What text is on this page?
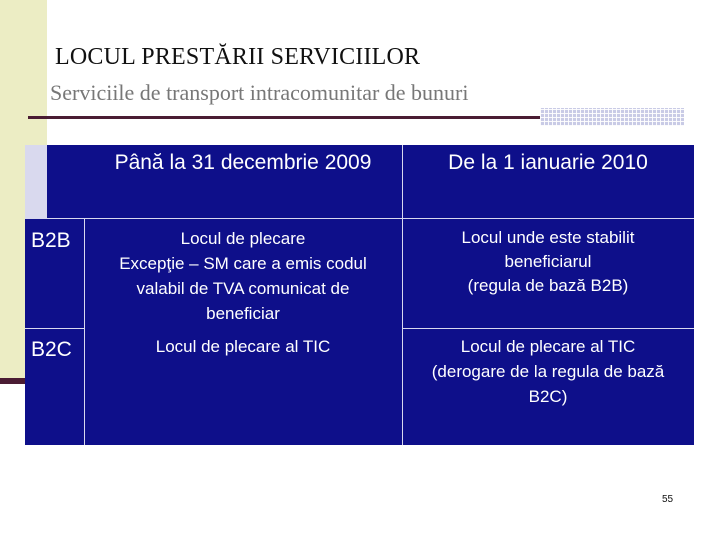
LOCUL PRESTĂRII SERVICIILOR
Serviciile de transport intracomunitar de bunuri
Până la 31 decembrie 2009	De la 1 ianuarie 2010
B2B
B2C
Locul de plecare
Excepţie – SM care a emis codul
valabil de TVA comunicat de
beneficiar
Locul unde este stabilit
beneficiarul
(regula de bază B2B)
Locul de plecare al TIC	Locul de plecare al TIC
(derogare de la regula de bază
B2C)
55
